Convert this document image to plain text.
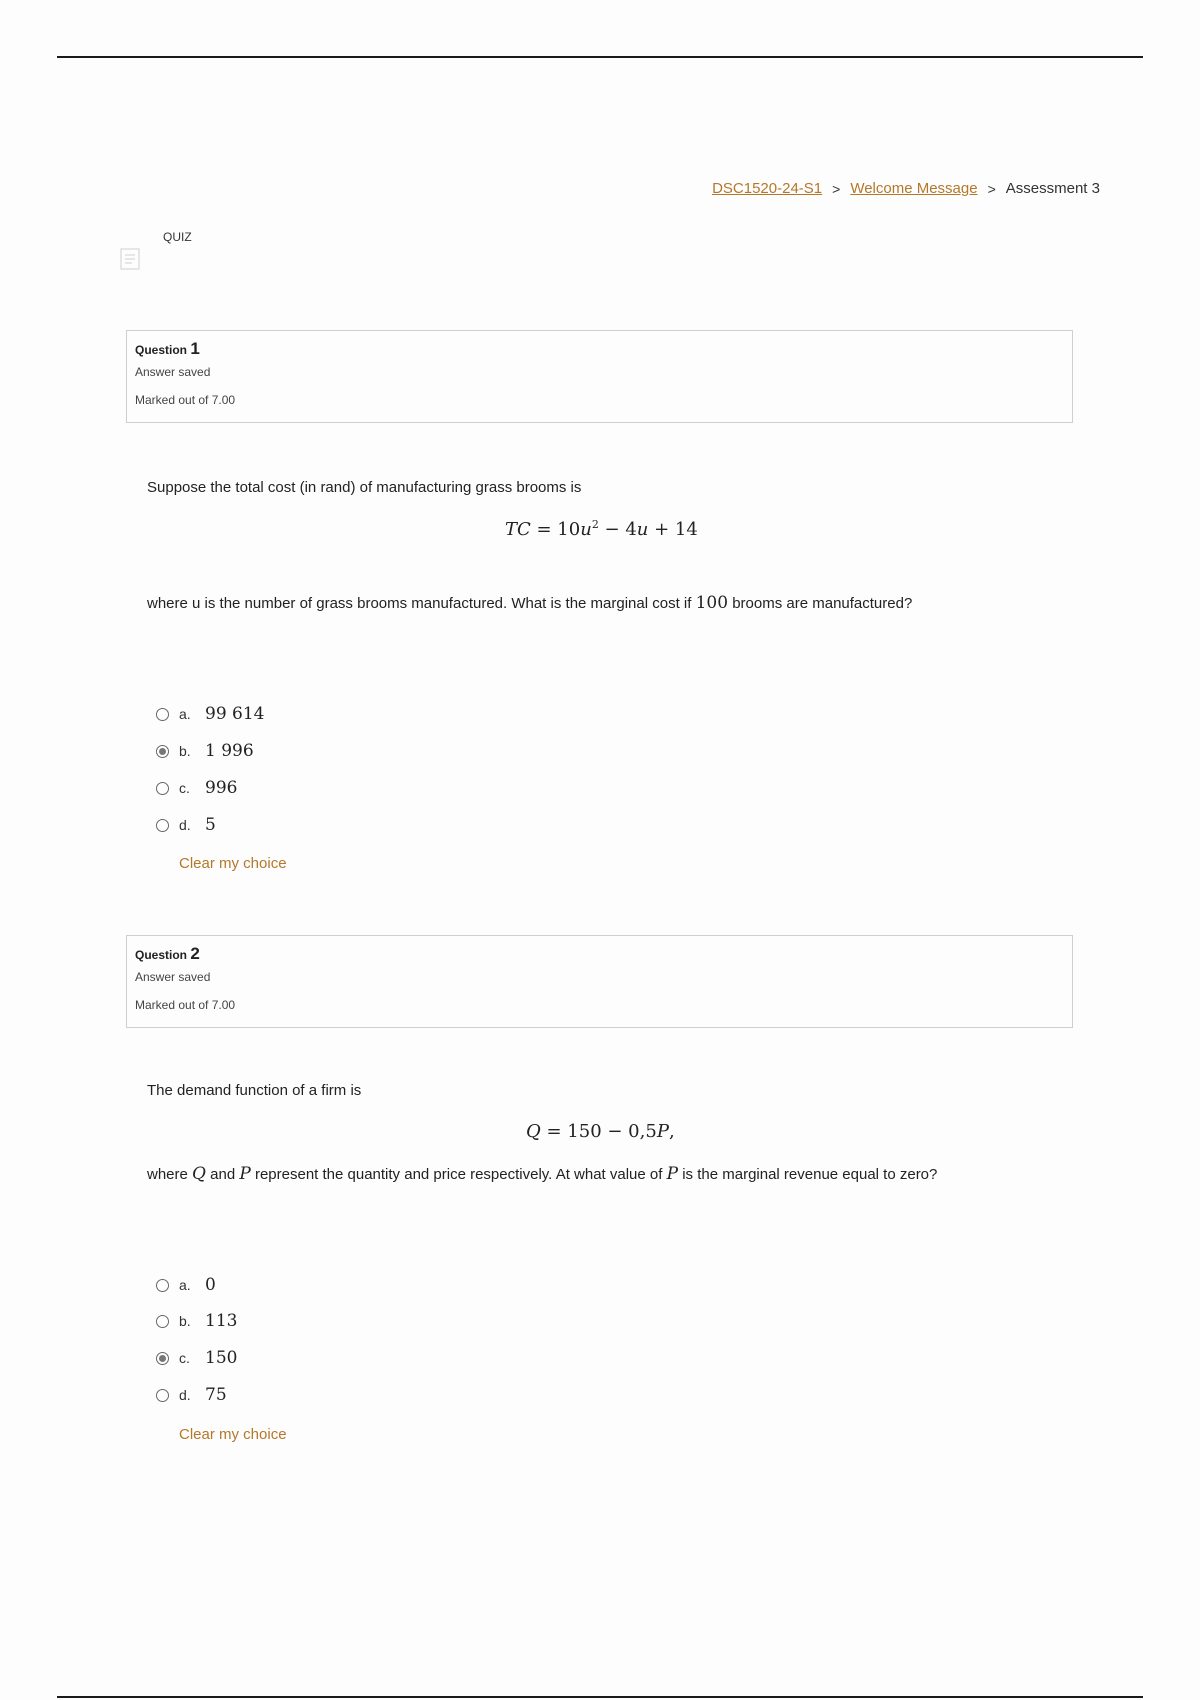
DSC1520-24-S1 > Welcome Message > Assessment 3
QUIZ
Question 1
Answer saved
Marked out of 7.00
Suppose the total cost (in rand) of manufacturing grass brooms is
TC = $10u^2 - 4u + 14$
where u is the number of grass brooms manufactured. What is the marginal cost if 100 brooms are manufactured?
a. 99 614
b. 1 996
c. 996
d. 5
Clear my choice
Question 2
Answer saved
Marked out of 7.00
The demand function of a firm is
Q = 150 − 0,5P,
where Q and P represent the quantity and price respectively. At what value of P is the marginal revenue equal to zero?
a. 0
b. 113
c. 150
d. 75
Clear my choice
